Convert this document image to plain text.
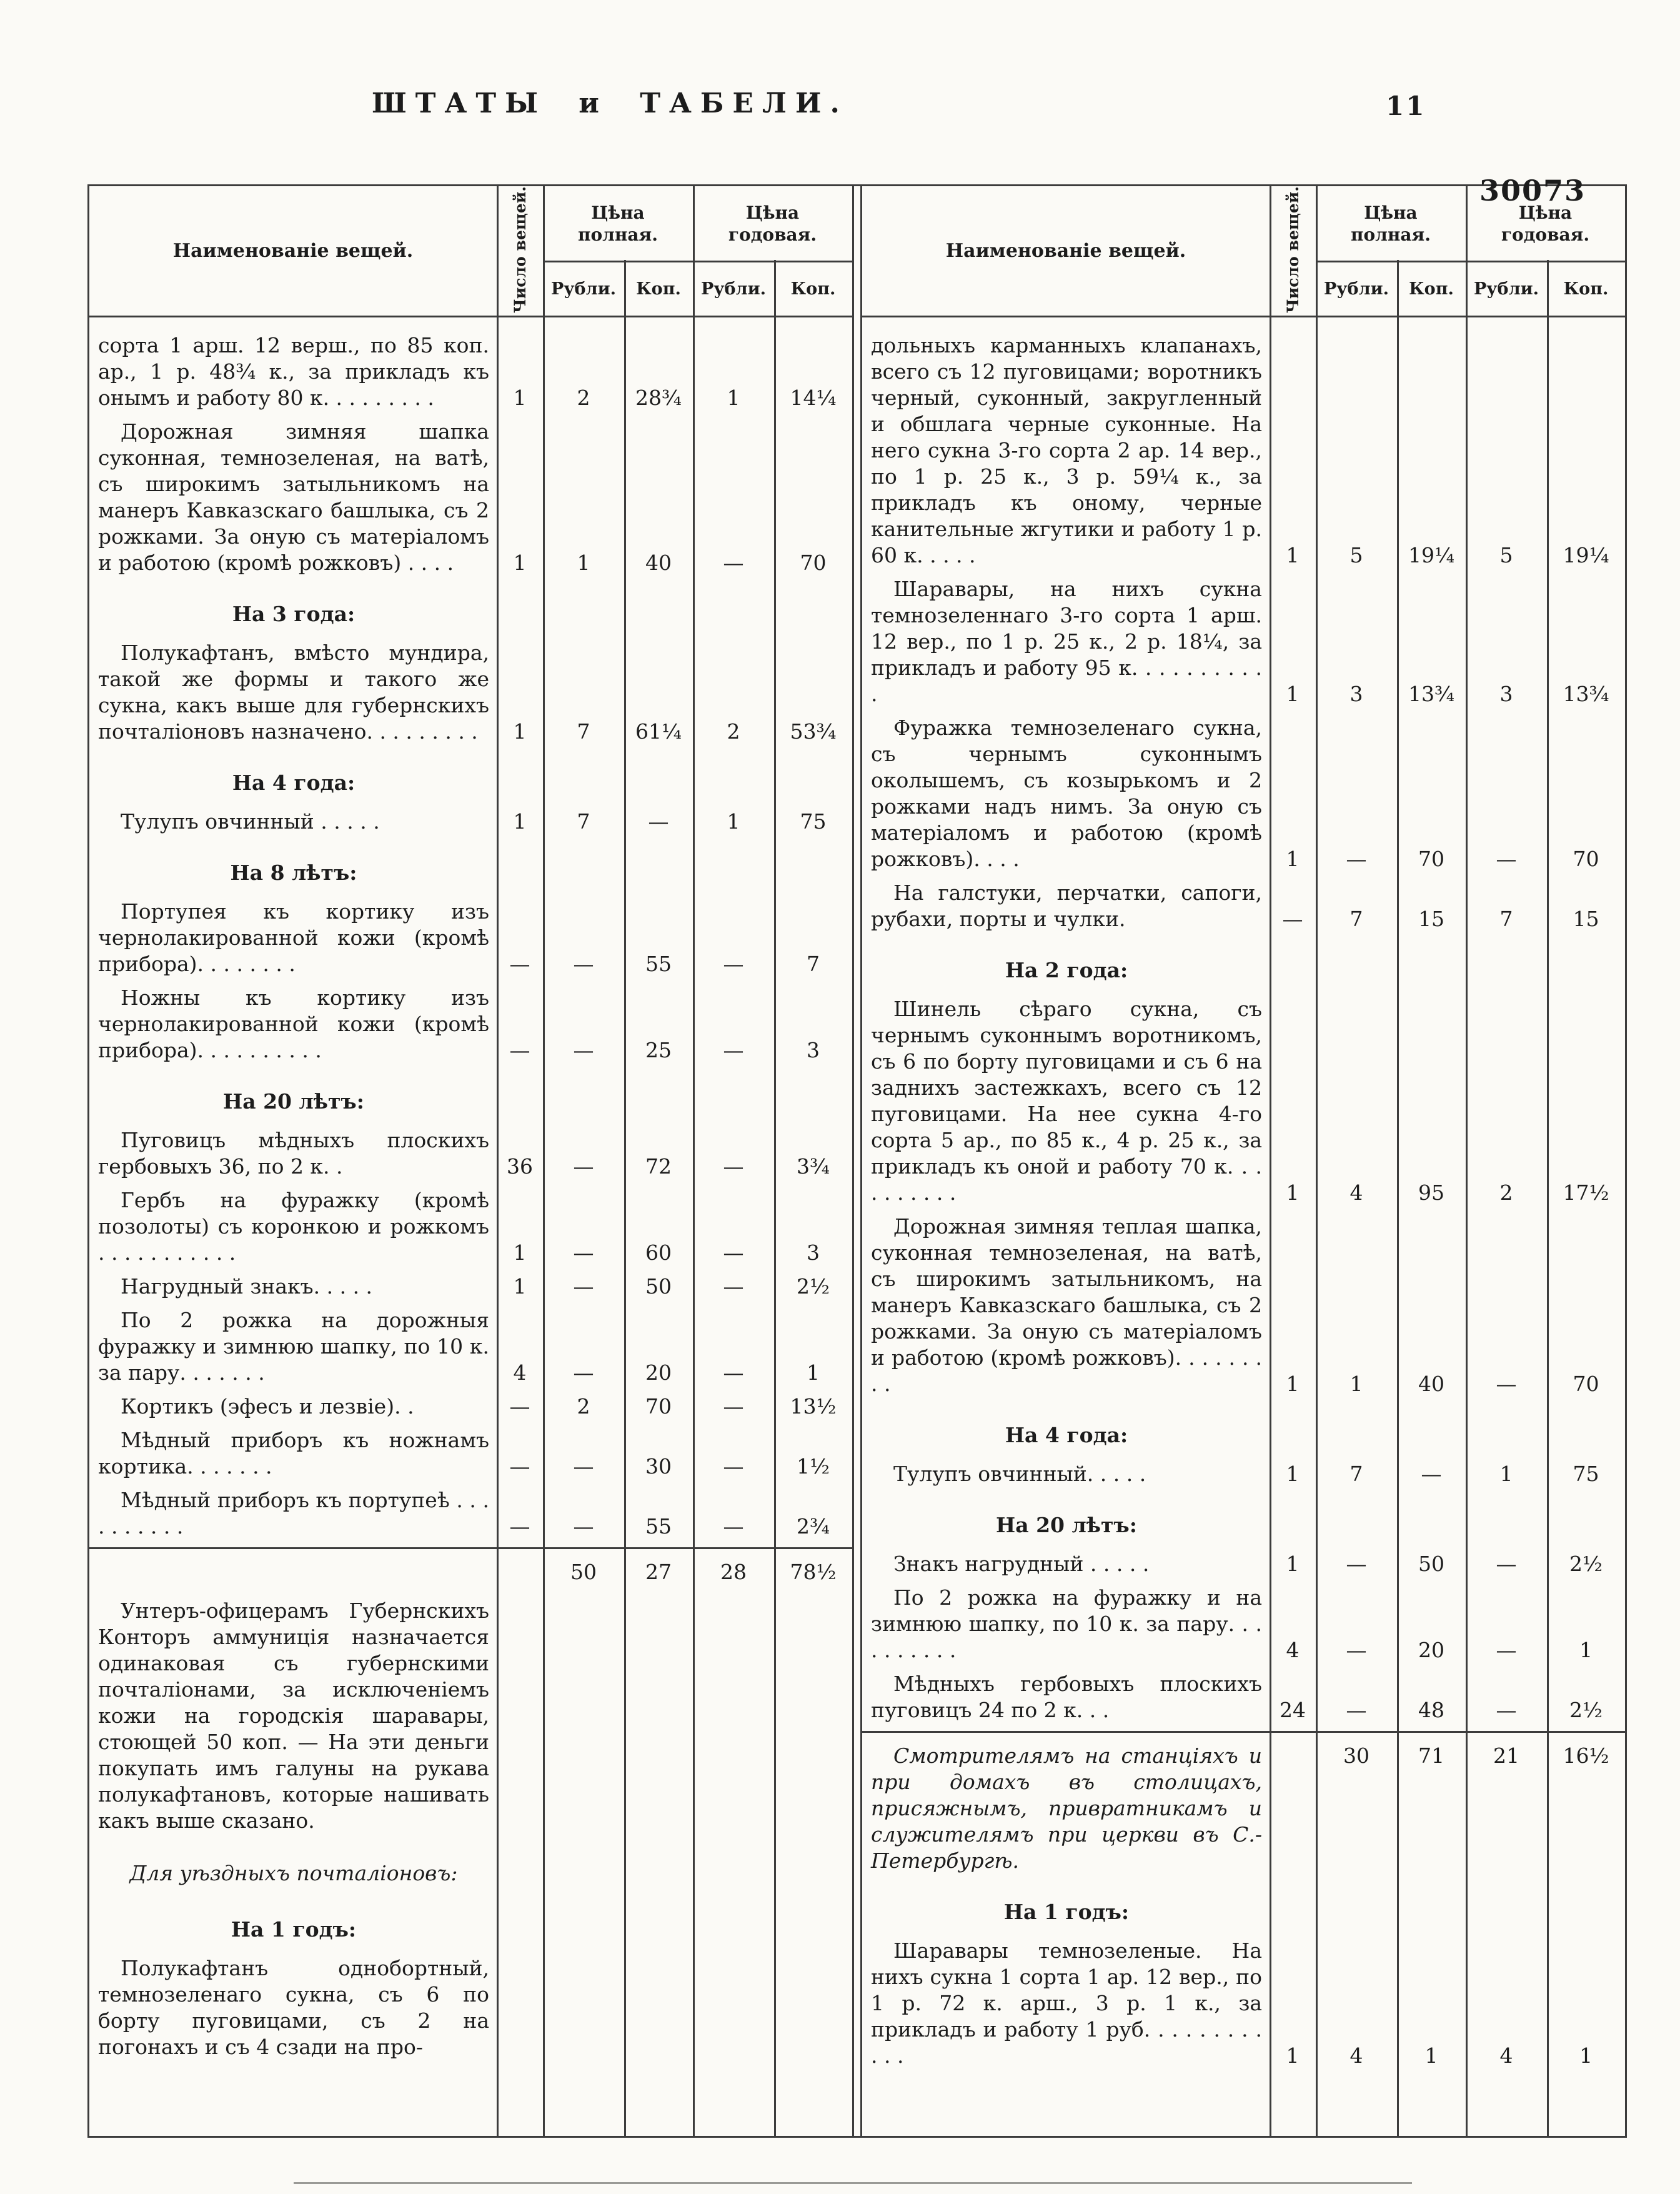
ШТАТЫ и ТАБЕЛИ.	11
30073
Наименованіе вещей.	Число вещей.	Цѣна полная.		Цѣна годовая.	
		Рубли.	Коп.	Рубли.	Коп.

сорта 1 арш. 12 верш., по 85 коп. ар., 1 р. 48¾ к., за прикладъ къ онымъ и работу 80 к. . . . . . . . .	1	2	28¾	1	14¼

Дорожная зимняя шапка суконная, темнозеленая, на ватѣ, съ широкимъ затыльникомъ на манеръ Кавказскаго башлыка, съ 2 рожками. За оную съ матеріаломъ и работою (кромѣ рожковъ) . . . .	1	1	40	—	70

На 3 года:					

Полукафтанъ, вмѣсто мундира, такой же формы и такого же сукна, какъ выше для губернскихъ почталіоновъ назначено. . . . . . . . .	1	7	61¼	2	53¾

На 4 года:					

Тулупъ овчинный . . . . .	1	7	—	1	75

На 8 лѣтъ:					

Портупея къ кортику изъ чернолакированной кожи (кромѣ прибора). . . . . . . .	—	—	55	—	7

Ножны къ кортику изъ чернолакированной кожи (кромѣ прибора). . . . . . . . . .	—	—	25	—	3

На 20 лѣтъ:					

Пуговицъ мѣдныхъ плоскихъ гербовыхъ 36, по 2 к. .	36	—	72	—	3¾

Гербъ на фуражку (кромѣ позолоты) съ коронкою и рожкомъ . . . . . . . . . . .	1	—	60	—	3

Нагрудный знакъ. . . . .	1	—	50	—	2½

По 2 рожка на дорожныя фуражку и зимнюю шапку, по 10 к. за пару. . . . . . .	4	—	20	—	1

Кортикъ (эфесъ и лезвіе). .	—	2	70	—	13½

Мѣдный приборъ къ ножнамъ кортика. . . . . . .	—	—	30	—	1½

Мѣдный приборъ къ портупеѣ . . . . . . . . . .	—	—	55	—	2¾

		50	27	28	78½

Унтеръ-офицерамъ Губернскихъ Конторъ аммуниція назначается одинаковая съ губернскими почталіонами, за исключеніемъ кожи на городскія шаравары, стоющей 50 коп. — На эти деньги покупать имъ галуны на рукава полукафтановъ, которые нашивать какъ выше сказано.					

Для уѣздныхъ почталіоновъ:					

На 1 годъ:					

Полукафтанъ однобортный, темнозеленаго сукна, съ 6 по борту пуговицами, съ 2 на погонахъ и съ 4 сзади на про-					

Наименованіе вещей.	Число вещей.	Цѣна полная.		Цѣна годовая.	
		Рубли.	Коп.	Рубли.	Коп.

дольныхъ карманныхъ клапанахъ, всего съ 12 пуговицами; воротникъ черный, суконный, закругленный и обшлага черные суконные. На него сукна 3-го сорта 2 ар. 14 вер., по 1 р. 25 к., 3 р. 59¼ к., за прикладъ къ оному, черные канительные жгутики и работу 1 р. 60 к. . . . .	1	5	19¼	5	19¼

Шаравары, на нихъ сукна темнозеленнаго 3-го сорта 1 арш. 12 вер., по 1 р. 25 к., 2 р. 18¼, за прикладъ и работу 95 к. . . . . . . . . . .	1	3	13¾	3	13¾

Фуражка темнозеленаго сукна, съ чернымъ суконнымъ околышемъ, съ козырькомъ и 2 рожками надъ нимъ. За оную съ матеріаломъ и работою (кромѣ рожковъ). . . .	1	—	70	—	70

На галстуки, перчатки, сапоги, рубахи, порты и чулки.	—	7	15	7	15

На 2 года:					

Шинель сѣраго сукна, съ чернымъ суконнымъ воротникомъ, съ 6 по борту пуговицами и съ 6 на заднихъ застежкахъ, всего съ 12 пуговицами. На нее сукна 4-го сорта 5 ар., по 85 к., 4 р. 25 к., за прикладъ къ оной и работу 70 к. . . . . . . . . .	1	4	95	2	17½

Дорожная зимняя теплая шапка, суконная темнозеленая, на ватѣ, съ широкимъ затыльникомъ, на манеръ Кавказскаго башлыка, съ 2 рожками. За оную съ матеріаломъ и работою (кромѣ рожковъ). . . . . . . . .	1	1	40	—	70

На 4 года:					

Тулупъ овчинный. . . . .	1	7	—	1	75

На 20 лѣтъ:					

Знакъ нагрудный . . . . .	1	—	50	—	2½

По 2 рожка на фуражку и на зимнюю шапку, по 10 к. за пару. . . . . . . . . .	4	—	20	—	1

Мѣдныхъ гербовыхъ плоскихъ пуговицъ 24 по 2 к. . .	24	—	48	—	2½

Смотрителямъ на станціяхъ и при домахъ въ столицахъ, присяжнымъ, привратникамъ и служителямъ при церкви въ С.-Петербургѣ.		30	71	21	16½

На 1 годъ:					

Шаравары темнозеленые. На нихъ сукна 1 сорта 1 ар. 12 вер., по 1 р. 72 к. арш., 3 р. 1 к., за прикладъ и работу 1 руб. . . . . . . . . . . .	1	4	1	4	1
